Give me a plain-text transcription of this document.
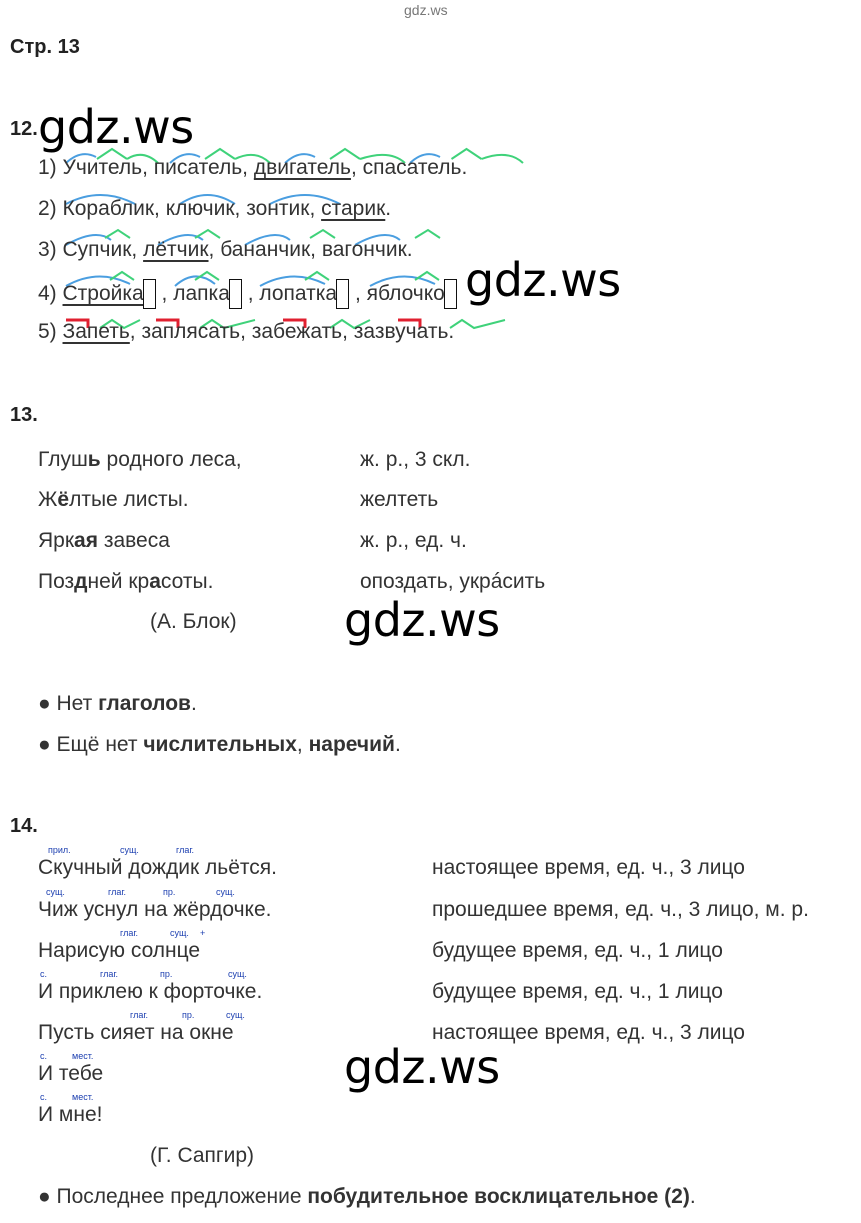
gdz.ws
gdz.ws
gdz.ws
gdz.ws
gdz.ws
Стр. 13
12.
1) Учитель, писатель, двигатель, спасатель.
2) Кораблик, ключик, зонтик, старик.
3) Супчик, лётчик, бананчик, вагончик.
4) Стройка , лапка , лопатка , яблочко
5) Запеть, заплясать, забежать, зазвучать.
13.
Глушь родного леса,	ж. р., 3 скл.
Жёлтые листы.	желтеть
Яркая завеса	ж. р., ед. ч.
Поздней красоты.	опоздать, укрáсить
(А. Блок)
● Нет глаголов.
● Ещё нет числительных, наречий.
14.
Скучный дождик льётся.	настоящее время, ед. ч., 3 лицо
прил.	сущ.	глаг.
Чиж уснул на жёрдочке.	прошедшее время, ед. ч., 3 лицо, м. р.
сущ.	глаг.	пр.	сущ.
Нарисую солнце	будущее время, ед. ч., 1 лицо
глаг.	сущ. +
И приклею к форточке.	будущее время, ед. ч., 1 лицо
с.	глаг.	пр.	сущ.
Пусть сияет на окне	настоящее время, ед. ч., 3 лицо
глаг.	пр.	сущ.
И тебе
с.	мест.
И мне!
с.	мест.
(Г. Сапгир)
● Последнее предложение побудительное восклицательное (2).
